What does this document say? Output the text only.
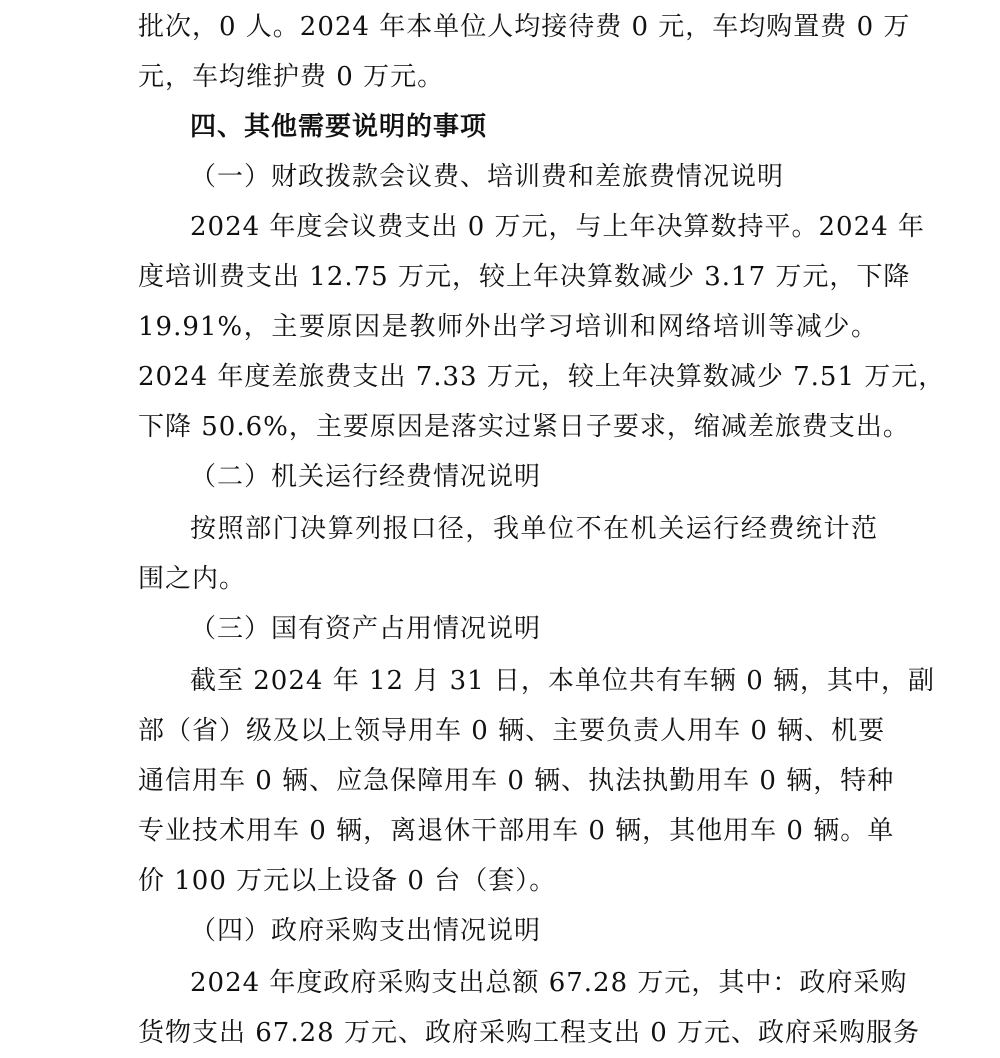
批次，0 人。2024 年本单位人均接待费 0 元，车均购置费 0 万
元，车均维护费 0 万元。
四、其他需要说明的事项
（一）财政拨款会议费、培训费和差旅费情况说明
2024 年度会议费支出 0 万元，与上年决算数持平。2024 年
度培训费支出 12.75 万元，较上年决算数减少 3.17 万元，下降
19.91%，主要原因是教师外出学习培训和网络培训等减少。
2024 年度差旅费支出 7.33 万元，较上年决算数减少 7.51 万元，
下降 50.6%，主要原因是落实过紧日子要求，缩减差旅费支出。
（二）机关运行经费情况说明
按照部门决算列报口径，我单位不在机关运行经费统计范
围之内。
（三）国有资产占用情况说明
截至 2024 年 12 月 31 日，本单位共有车辆 0 辆，其中，副
部（省）级及以上领导用车 0 辆、主要负责人用车 0 辆、机要
通信用车 0 辆、应急保障用车 0 辆、执法执勤用车 0 辆，特种
专业技术用车 0 辆，离退休干部用车 0 辆，其他用车 0 辆。单
价 100 万元以上设备 0 台（套）。
（四）政府采购支出情况说明
2024 年度政府采购支出总额 67.28 万元，其中：政府采购
货物支出 67.28 万元、政府采购工程支出 0 万元、政府采购服务
